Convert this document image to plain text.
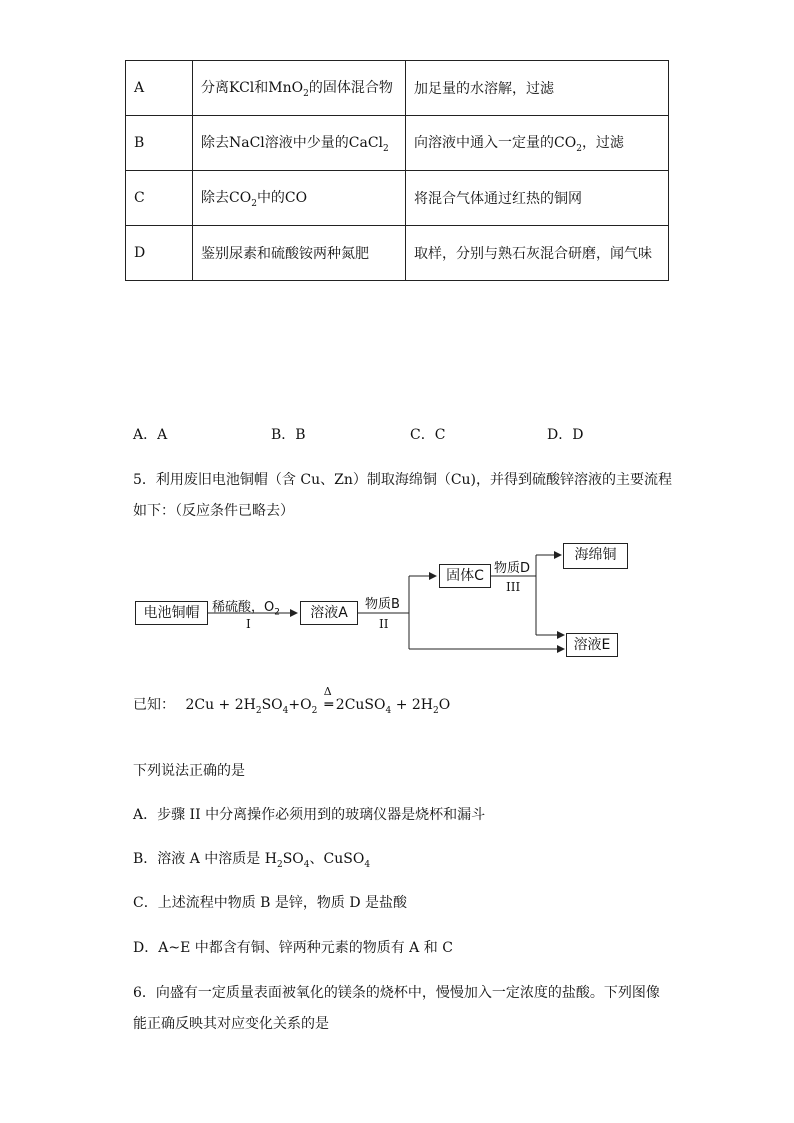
A	分离KCl和MnO$_2$的固体混合物	加足量的水溶解，过滤
B	除去NaCl溶液中少量的CaCl$_2$	向溶液中通入一定量的$CO_2$，过滤
C	除去$CO_2$中的CO	将混合气体通过红热的铜网
D	鉴别尿素和硫酸铵两种氮肥	取样，分别与熟石灰混合研磨，闻气味
A．A	B．B	C．C	D．D
5．利用废旧电池铜帽（含 Cu、Zn）制取海绵铜（Cu)，并得到硫酸锌溶液的主要流程
如下：（反应条件已略去）
电池铜帽	溶液A
固体C
海绵铜
溶液E
稀硫酸，$O_2$
I
物质B
II
物质D
III
已知： $2Cu + 2H_2SO_4+O_2$
Δ
═ 2CuSO$_4$ + $2H_2O$
下列说法正确的是
A．步骤 II 中分离操作必须用到的玻璃仪器是烧杯和漏斗
B．溶液 A 中溶质是 $H_2SO_4$、CuSO$_4$
C．上述流程中物质 B 是锌，物质 D 是盐酸
D．A~E 中都含有铜、锌两种元素的物质有 A 和 C
6．向盛有一定质量表面被氧化的镁条的烧杯中，慢慢加入一定浓度的盐酸。下列图像
能正确反映其对应变化关系的是
